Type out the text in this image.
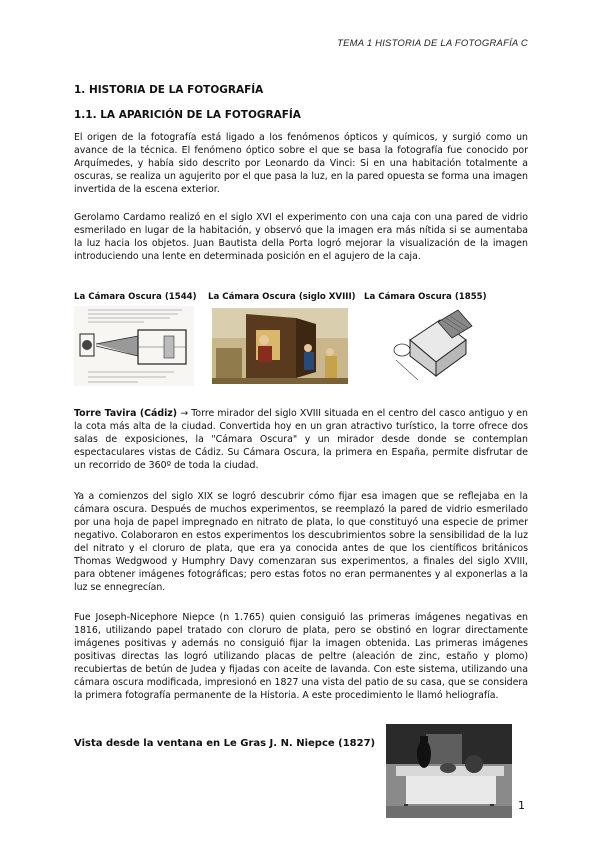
TEMA 1 HISTORIA DE LA FOTOGRAFÍA C
1. HISTORIA DE LA FOTOGRAFÍA
1.1. LA APARICIÓN DE LA FOTOGRAFÍA

El origen de la fotografía está ligado a los fenómenos ópticos y químicos, y surgió como un avance de la técnica. El fenómeno óptico sobre el que se basa la fotografía fue conocido por Arquímedes, y había sido descrito por Leonardo da Vinci: Si en una habitación totalmente a oscuras, se realiza un agujerito por el que pasa la luz, en la pared opuesta se forma una imagen invertida de la escena exterior.

Gerolamo Cardamo realizó en el siglo XVI el experimento con una caja con una pared de vidrio esmerilado en lugar de la habitación, y observó que la imagen era más nítida si se aumentaba la luz hacia los objetos. Juan Bautista della Porta logró mejorar la visualización de la imagen introduciendo una lente en determinada posición en el agujero de la caja.

La Cámara Oscura (1544) La Cámara Oscura (siglo XVIII) La Cámara Oscura (1855)

Torre Tavira (Cádiz) → Torre mirador del siglo XVIII situada en el centro del casco antiguo y en la cota más alta de la ciudad. Convertida hoy en un gran atractivo turístico, la torre ofrece dos salas de exposiciones, la "Cámara Oscura" y un mirador desde donde se contemplan espectaculares vistas de Cádiz. Su Cámara Oscura, la primera en España, permite disfrutar de un recorrido de 360º de toda la ciudad.

Ya a comienzos del siglo XIX se logró descubrir cómo fijar esa imagen que se reflejaba en la cámara oscura. Después de muchos experimentos, se reemplazó la pared de vidrio esmerilado por una hoja de papel impregnado en nitrato de plata, lo que constituyó una especie de primer negativo. Colaboraron en estos experimentos los descubrimientos sobre la sensibilidad de la luz del nitrato y el cloruro de plata, que era ya conocida antes de que los científicos británicos Thomas Wedgwood y Humphry Davy comenzaran sus experimentos, a finales del siglo XVIII, para obtener imágenes fotográficas; pero estas fotos no eran permanentes y al exponerlas a la luz se ennegrecían.

Fue Joseph-Nicephore Niepce (n 1.765) quien consiguió las primeras imágenes negativas en 1816, utilizando papel tratado con cloruro de plata, pero se obstinó en lograr directamente imágenes positivas y además no consiguió fijar la imagen obtenida. Las primeras imágenes positivas directas las logró utilizando placas de peltre (aleación de zinc, estaño y plomo) recubiertas de betún de Judea y fijadas con aceite de lavanda. Con este sistema, utilizando una cámara oscura modificada, impresionó en 1827 una vista del patio de su casa, que se considera la primera fotografía permanente de la Historia. A este procedimiento le llamó heliografía.

Vista desde la ventana en Le Gras J. N. Niepce (1827)
1
